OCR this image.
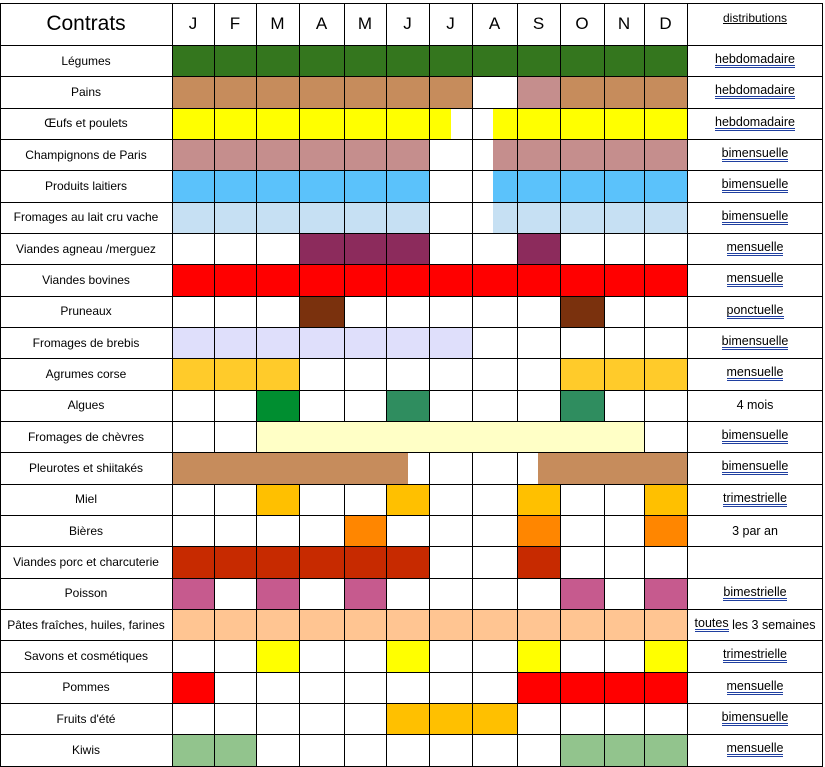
Contrats	J	F	M	A	M	J	J	A	S	O	N	D	distributions
Légumes	hebdomadaire
Pains	hebdomadaire
Œufs et poulets	hebdomadaire
Champignons de Paris	bimensuelle
Produits laitiers	bimensuelle
Fromages au lait cru vache	bimensuelle
Viandes agneau /merguez	mensuelle
Viandes bovines	mensuelle
Pruneaux	ponctuelle
Fromages de brebis	bimensuelle
Agrumes corse	mensuelle
Algues	4 mois
Fromages de chèvres	bimensuelle
Pleurotes et shiitakés	bimensuelle
Miel	trimestrielle
Bières	3 par an
Viandes porc et charcuterie
Poisson	bimestrielle
Pâtes fraîches, huiles, farines	toutes les 3 semaines
Savons et cosmétiques	trimestrielle
Pommes	mensuelle
Fruits d'été	bimensuelle
Kiwis	mensuelle
